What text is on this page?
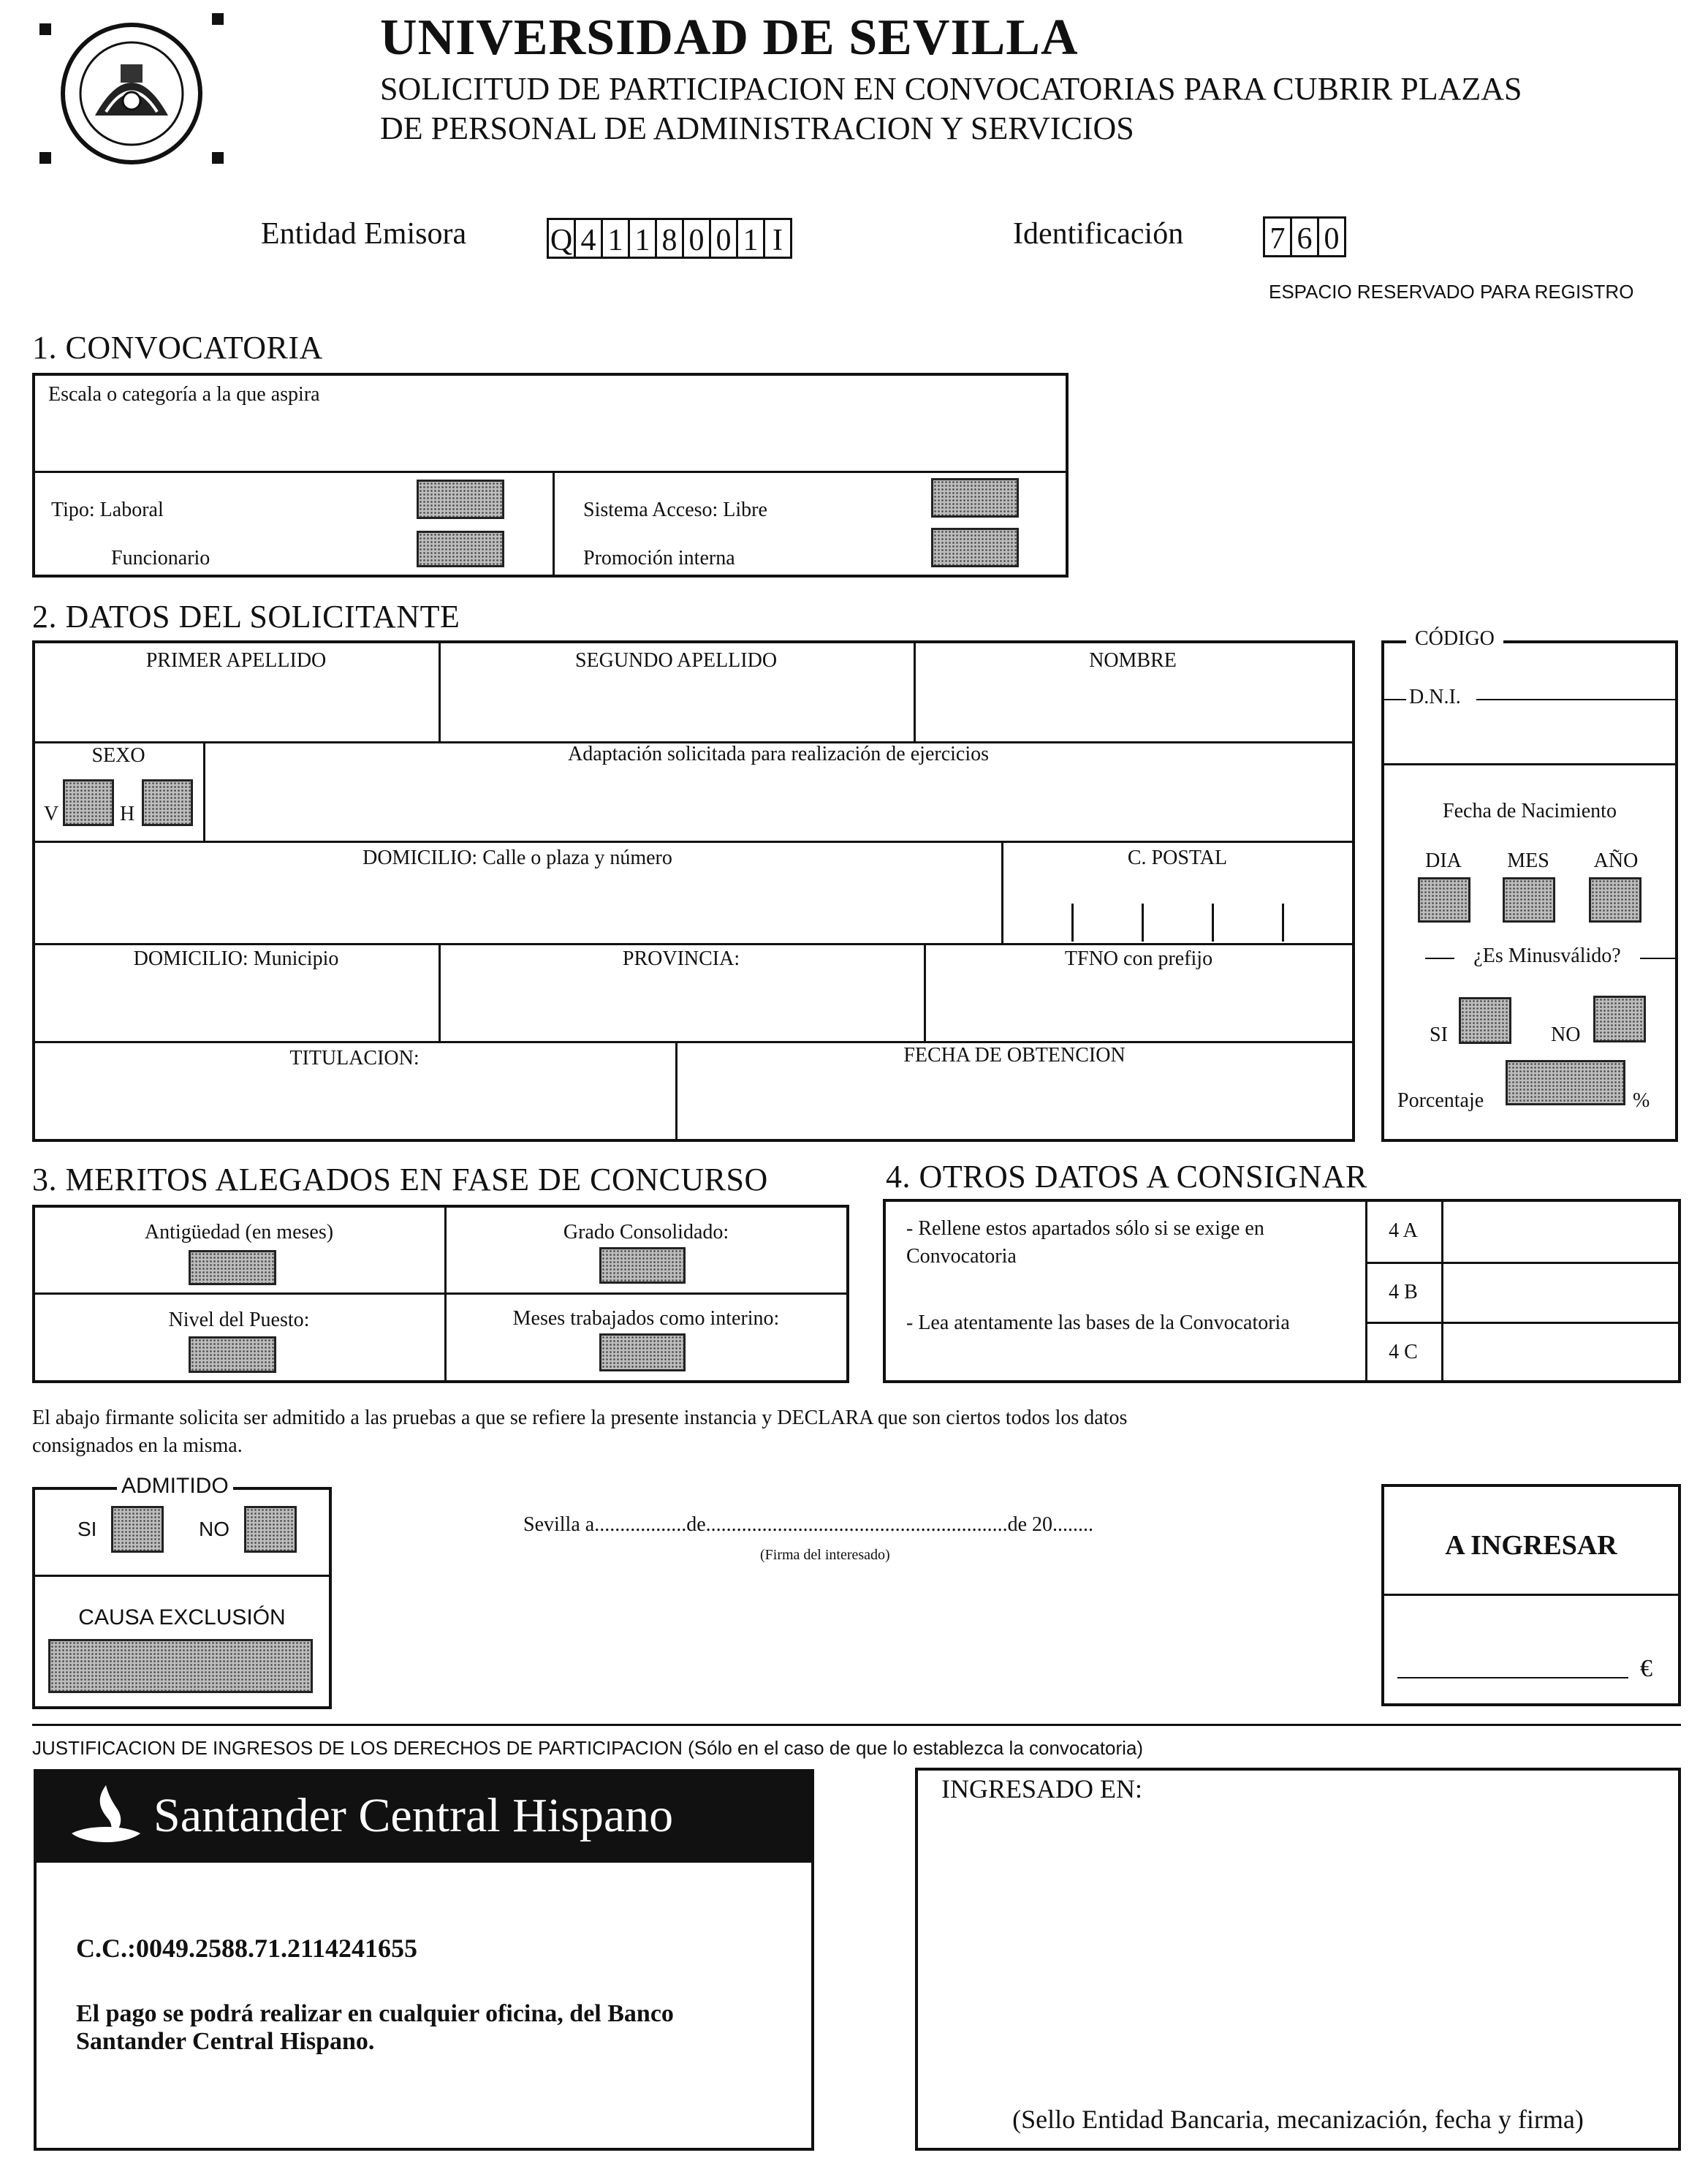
UNIVERSIDAD DE SEVILLA
SOLICITUD DE PARTICIPACION EN CONVOCATORIAS PARA CUBRIR PLAZAS
DE PERSONAL DE ADMINISTRACION Y SERVICIOS
Entidad Emisora	Q 4 1 1 8 0 0 1 I	Identificación	7 6 0
ESPACIO RESERVADO PARA REGISTRO
1. CONVOCATORIA
Escala o categoría a la que aspira
Tipo: Laboral
Funcionario
Sistema Acceso: Libre
Promoción interna
2. DATOS DEL SOLICITANTE
PRIMER APELLIDO	SEGUNDO APELLIDO	NOMBRE
SEXO
V	H
Adaptación solicitada para realización de ejercicios
DOMICILIO: Calle o plaza y número	C. POSTAL
DOMICILIO: Municipio	PROVINCIA:	TFNO con prefijo
TITULACION:	FECHA DE OBTENCION
CÓDIGO
D.N.I.
Fecha de Nacimiento
DIA	MES	AÑO
¿Es Minusválido?
SI	NO
Porcentaje	%
3. MERITOS ALEGADOS EN FASE DE CONCURSO
Antigüedad (en meses)	Grado Consolidado:
Nivel del Puesto:	Meses trabajados como interino:
4. OTROS DATOS A CONSIGNAR
- Rellene estos apartados sólo si se exige en Convocatoria
- Lea atentamente las bases de la Convocatoria
4 A
4 B
4 C
El abajo firmante solicita ser admitido a las pruebas a que se refiere la presente instancia y DECLARA que son ciertos todos los datos
consignados en la misma.
ADMITIDO
SI	NO
CAUSA EXCLUSIÓN
Sevilla a..................de...........................................................de 20........
(Firma del interesado)	A INGRESAR
€
JUSTIFICACION DE INGRESOS DE LOS DERECHOS DE PARTICIPACION (Sólo en el caso de que lo establezca la convocatoria)
Santander Central Hispano
C.C.:0049.2588.71.2114241655
El pago se podrá realizar en cualquier oficina, del Banco
Santander Central Hispano.
INGRESADO EN:
(Sello Entidad Bancaria, mecanización, fecha y firma)
